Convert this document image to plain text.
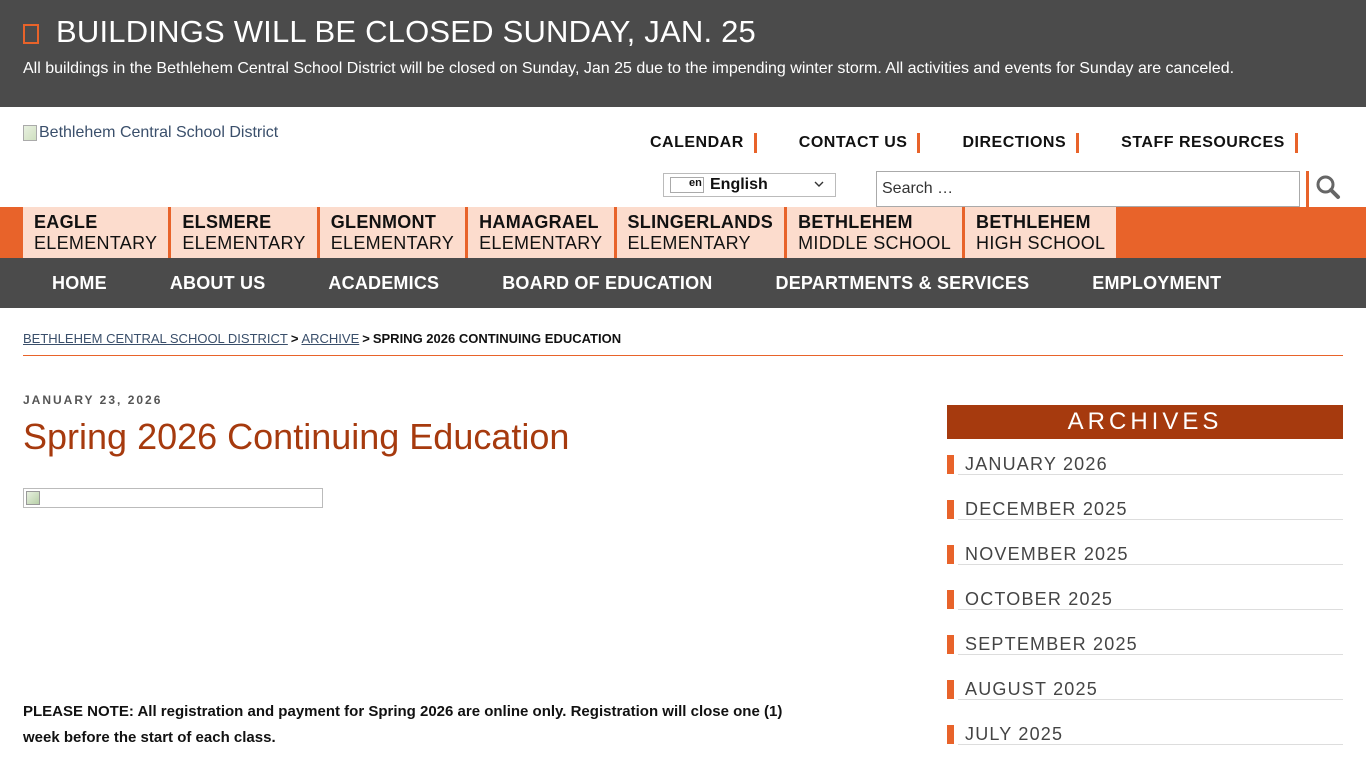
BUILDINGS WILL BE CLOSED SUNDAY, JAN. 25
All buildings in the Bethlehem Central School District will be closed on Sunday, Jan 25 due to the impending winter storm. All activities and events for Sunday are canceled.
Bethlehem Central School District
CALENDAR	CONTACT US	DIRECTIONS	STAFF RESOURCES
en English
Search …
EAGLE
ELEMENTARY
ELSMERE
ELEMENTARY
GLENMONT
ELEMENTARY
HAMAGRAEL
ELEMENTARY
SLINGERLANDS
ELEMENTARY
BETHLEHEM
MIDDLE SCHOOL
BETHLEHEM
HIGH SCHOOL
HOME	ABOUT US	ACADEMICS	BOARD OF EDUCATION	DEPARTMENTS & SERVICES	EMPLOYMENT
BETHLEHEM CENTRAL SCHOOL DISTRICT > ARCHIVE > SPRING 2026 CONTINUING EDUCATION
JANUARY 23, 2026
Spring 2026 Continuing Education

PLEASE NOTE: All registration and payment for Spring 2026 are online only. Registration will close one (1) week before the start of each class.

ARCHIVES
JANUARY 2026
DECEMBER 2025
NOVEMBER 2025
OCTOBER 2025
SEPTEMBER 2025
AUGUST 2025
JULY 2025
